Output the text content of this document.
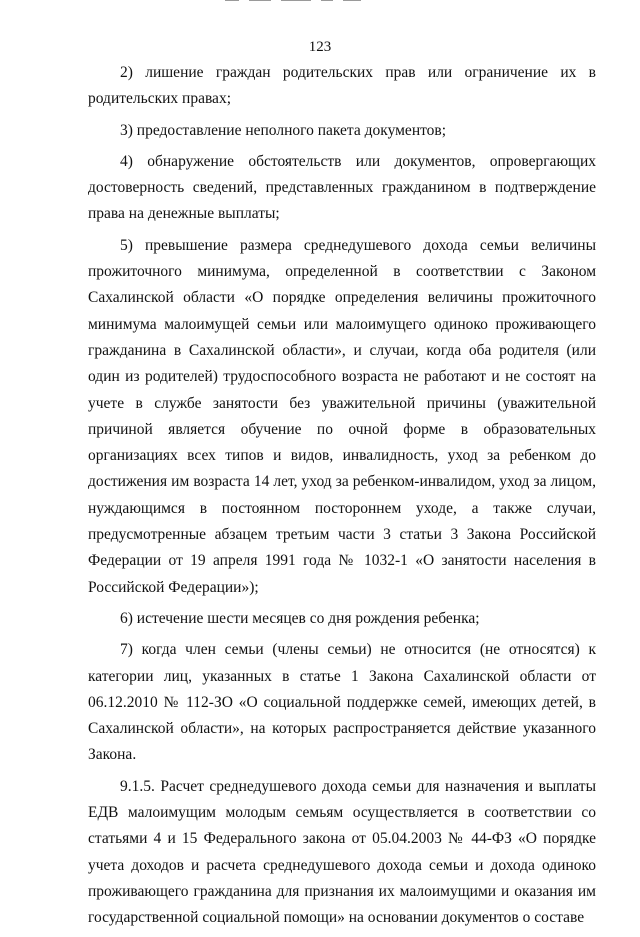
123

2) лишение граждан родительских прав или ограничение их в родительских правах;

3) предоставление неполного пакета документов;

4) обнаружение обстоятельств или документов, опровергающих достоверность сведений, представленных гражданином в подтверждение права на денежные выплаты;

5) превышение размера среднедушевого дохода семьи величины прожиточного минимума, определенной в соответствии с Законом Сахалинской области «О порядке определения величины прожиточного минимума малоимущей семьи или малоимущего одиноко проживающего гражданина в Сахалинской области», и случаи, когда оба родителя (или один из родителей) трудоспособного возраста не работают и не состоят на учете в службе занятости без уважительной причины (уважительной причиной является обучение по очной форме в образовательных организациях всех типов и видов, инвалидность, уход за ребенком до достижения им возраста 14 лет, уход за ребенком-инвалидом, уход за лицом, нуждающимся в постоянном постороннем уходе, а также случаи, предусмотренные абзацем третьим части 3 статьи 3 Закона Российской Федерации от 19 апреля 1991 года № 1032-1 «О занятости населения в Российской Федерации»);

6) истечение шести месяцев со дня рождения ребенка;

7) когда член семьи (члены семьи) не относится (не относятся) к категории лиц, указанных в статье 1 Закона Сахалинской области от 06.12.2010 № 112-ЗО «О социальной поддержке семей, имеющих детей, в Сахалинской области», на которых распространяется действие указанного Закона.

9.1.5. Расчет среднедушевого дохода семьи для назначения и выплаты ЕДВ малоимущим молодым семьям осуществляется в соответствии со статьями 4 и 15 Федерального закона от 05.04.2003 № 44-ФЗ «О порядке учета доходов и расчета среднедушевого дохода семьи и дохода одиноко проживающего гражданина для признания их малоимущими и оказания им государственной социальной помощи» на основании документов о составе
